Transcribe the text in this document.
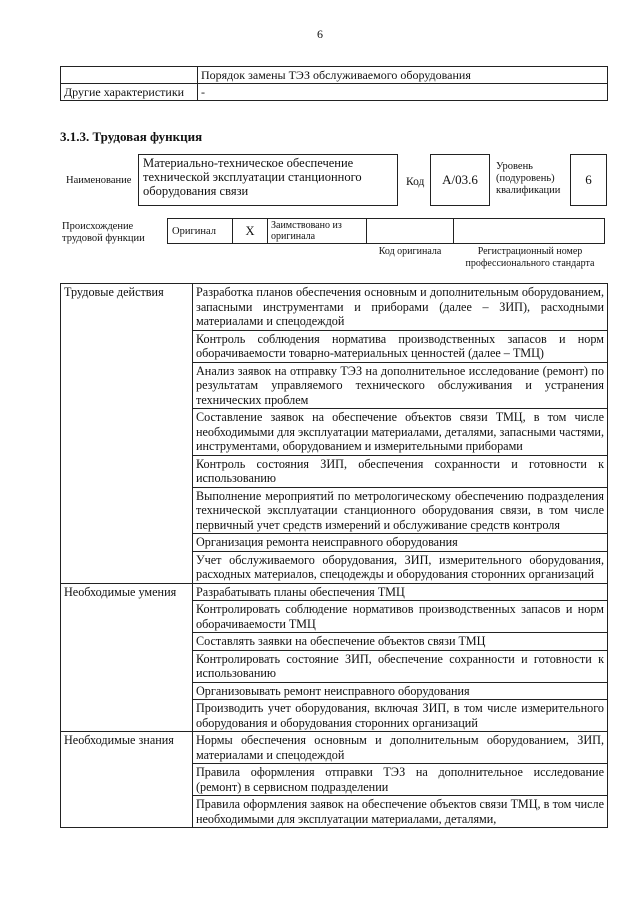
6
	Порядок замены ТЭЗ обслуживаемого оборудования
Другие характеристики	-
3.1.3. Трудовая функция
Наименование
Материально-техническое обеспечение технической эксплуатации станционного оборудования связи
Код	А/03.6
Уровень (подуровень) квалификации
6
Происхождение трудовой функции
Оригинал	X	Заимствовано из оригинала
Код оригинала	Регистрационный номер профессионального стандарта
Трудовые действия	Разработка планов обеспечения основным и дополнительным оборудованием, запасными инструментами и приборами (далее – ЗИП), расходными материалами и спецодеждой
	Контроль соблюдения норматива производственных запасов и норм оборачиваемости товарно-материальных ценностей (далее – ТМЦ)
	Анализ заявок на отправку ТЭЗ на дополнительное исследование (ремонт) по результатам управляемого технического обслуживания и устранения технических проблем
	Составление заявок на обеспечение объектов связи ТМЦ, в том числе необходимыми для эксплуатации материалами, деталями, запасными частями, инструментами, оборудованием и измерительными приборами
	Контроль состояния ЗИП, обеспечения сохранности и готовности к использованию
	Выполнение мероприятий по метрологическому обеспечению подразделения технической эксплуатации станционного оборудования связи, в том числе первичный учет средств измерений и обслуживание средств контроля
	Организация ремонта неисправного оборудования
	Учет обслуживаемого оборудования, ЗИП, измерительного оборудования, расходных материалов, спецодежды и оборудования сторонних организаций
Необходимые умения	Разрабатывать планы обеспечения ТМЦ
	Контролировать соблюдение нормативов производственных запасов и норм оборачиваемости ТМЦ
	Составлять заявки на обеспечение объектов связи ТМЦ
	Контролировать состояние ЗИП, обеспечение сохранности и готовности к использованию
	Организовывать ремонт неисправного оборудования
	Производить учет оборудования, включая ЗИП, в том числе измерительного оборудования и оборудования сторонних организаций
Необходимые знания	Нормы обеспечения основным и дополнительным оборудованием, ЗИП, материалами и спецодеждой
	Правила оформления отправки ТЭЗ на дополнительное исследование (ремонт) в сервисном подразделении
	Правила оформления заявок на обеспечение объектов связи ТМЦ, в том числе необходимыми для эксплуатации материалами, деталями,
